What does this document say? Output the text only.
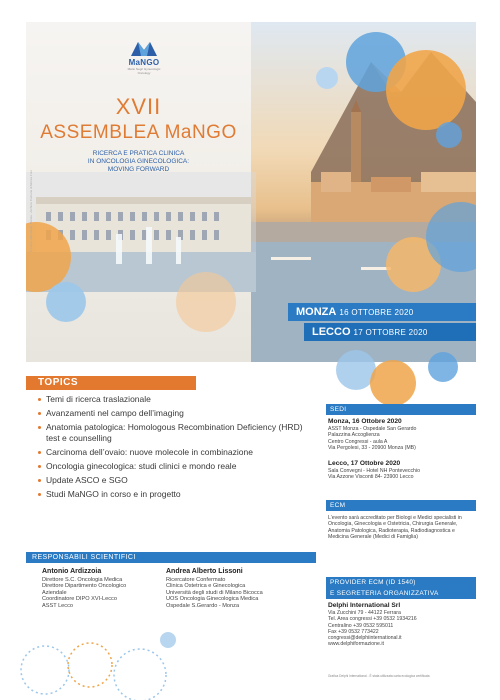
MaNGO
Mario Negri Gynecologic Oncology
XVII
ASSEMBLEA MaNGO
RICERCA E PRATICA CLINICA
IN ONCOLOGIA GINECOLOGICA:
MOVING FORWARD
© Lecco Villa Reale, Monza - Archivio Comune di Monza Foto
MONZA 16 OTTOBRE 2020
LECCO 17 OTTOBRE 2020
TOPICS
Temi di ricerca traslazionale
Avanzamenti nel campo dell’imaging
Anatomia patologica: Homologous Recombination Deficiency (HRD) test e counselling
Carcinoma dell’ovaio: nuove molecole in combinazione
Oncologia ginecologica: studi clinici e mondo reale
Update ASCO e SGO
Studi MaNGO in corso e in progetto
RESPONSABILI SCIENTIFICI
Antonio Ardizzoia
Direttore S.C. Oncologia Medica
Direttore Dipartimento Oncologico
Aziendale
Coordinatore DIPO XVI-Lecco
ASST Lecco
Andrea Alberto Lissoni
Ricercatore Confermato
Clinica Ostetrica e Ginecologica
Università degli studi di Milano Bicocca
UOS Oncologia Ginecologica Medica
Ospedale S.Gerardo - Monza
SEDI
Monza, 16 Ottobre 2020
ASST Monza - Ospedale San Gerardo
Palazzina Accoglienza
Centro Congressi - aula A
Via Pergolesi, 33 - 20900 Monza (MB)
Lecco, 17 Ottobre 2020
Sala Convegni - Hotel NH Pontevecchio
Via Azzone Visconti 84- 23900 Lecco
ECM
L’evento sarà accreditato per Biologi e Medici specialisti in Oncologia, Ginecologia e Ostetricia, Chirurgia Generale, Anatomia Patologica, Radioterapia, Radiodiagnostica e Medicina Generale (Medici di Famiglia)
PROVIDER ECM (ID 1540)
E SEGRETERIA ORGANIZZATIVA
Delphi International Srl
Via Zucchini 79 - 44122 Ferrara
Tel. Area congressi +39 0532 1934216
Centralino +39 0532 595011
Fax +39 0532 773422
congressi@delphiinternational.it
www.delphiformazione.it
Grafica Delphi International - È stata utilizzata carta ecologica certificata
